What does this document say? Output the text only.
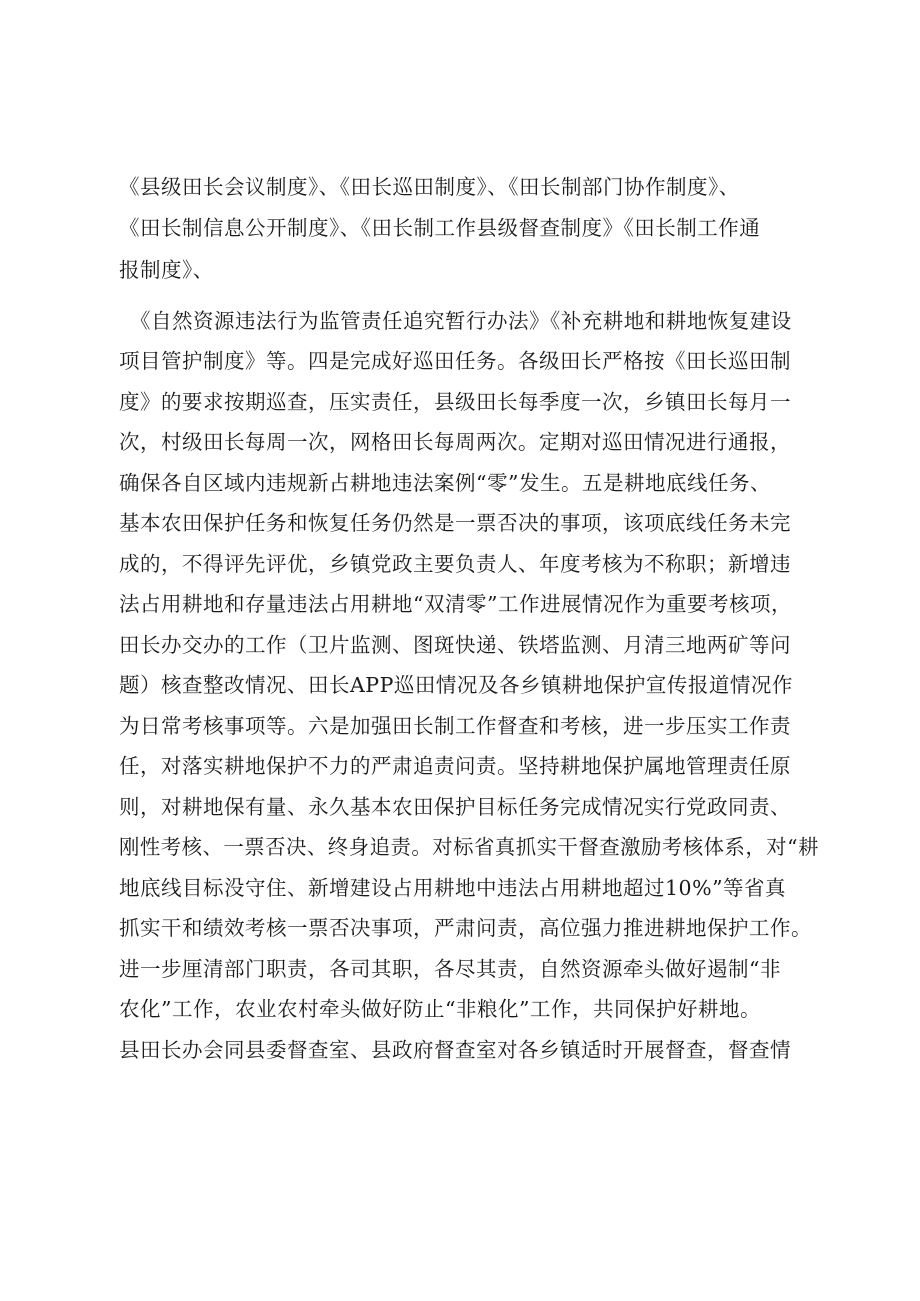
《县级田长会议制度》、《田长巡田制度》、《田长制部门协作制度》、
《田长制信息公开制度》、《田长制工作县级督查制度》《田长制工作通
报制度》、
《自然资源违法行为监管责任追究暂行办法》《补充耕地和耕地恢复建设
项目管护制度》等。四是完成好巡田任务。各级田长严格按《田长巡田制
度》的要求按期巡查，压实责任，县级田长每季度一次，乡镇田长每月一
次，村级田长每周一次，网格田长每周两次。定期对巡田情况进行通报，
确保各自区域内违规新占耕地违法案例“零”发生。五是耕地底线任务、
基本农田保护任务和恢复任务仍然是一票否决的事项，该项底线任务未完
成的，不得评先评优，乡镇党政主要负责人、年度考核为不称职；新增违
法占用耕地和存量违法占用耕地“双清零”工作进展情况作为重要考核项，
田长办交办的工作（卫片监测、图斑快递、铁塔监测、月清三地两矿等问
题）核查整改情况、田长APP巡田情况及各乡镇耕地保护宣传报道情况作
为日常考核事项等。六是加强田长制工作督查和考核，进一步压实工作责
任，对落实耕地保护不力的严肃追责问责。坚持耕地保护属地管理责任原
则，对耕地保有量、永久基本农田保护目标任务完成情况实行党政同责、
刚性考核、一票否决、终身追责。对标省真抓实干督查激励考核体系，对“耕
地底线目标没守住、新增建设占用耕地中违法占用耕地超过10%”等省真
抓实干和绩效考核一票否决事项，严肃问责，高位强力推进耕地保护工作。
进一步厘清部门职责，各司其职，各尽其责，自然资源牵头做好遏制“非
农化”工作，农业农村牵头做好防止“非粮化”工作，共同保护好耕地。
县田长办会同县委督查室、县政府督查室对各乡镇适时开展督查，督查情
